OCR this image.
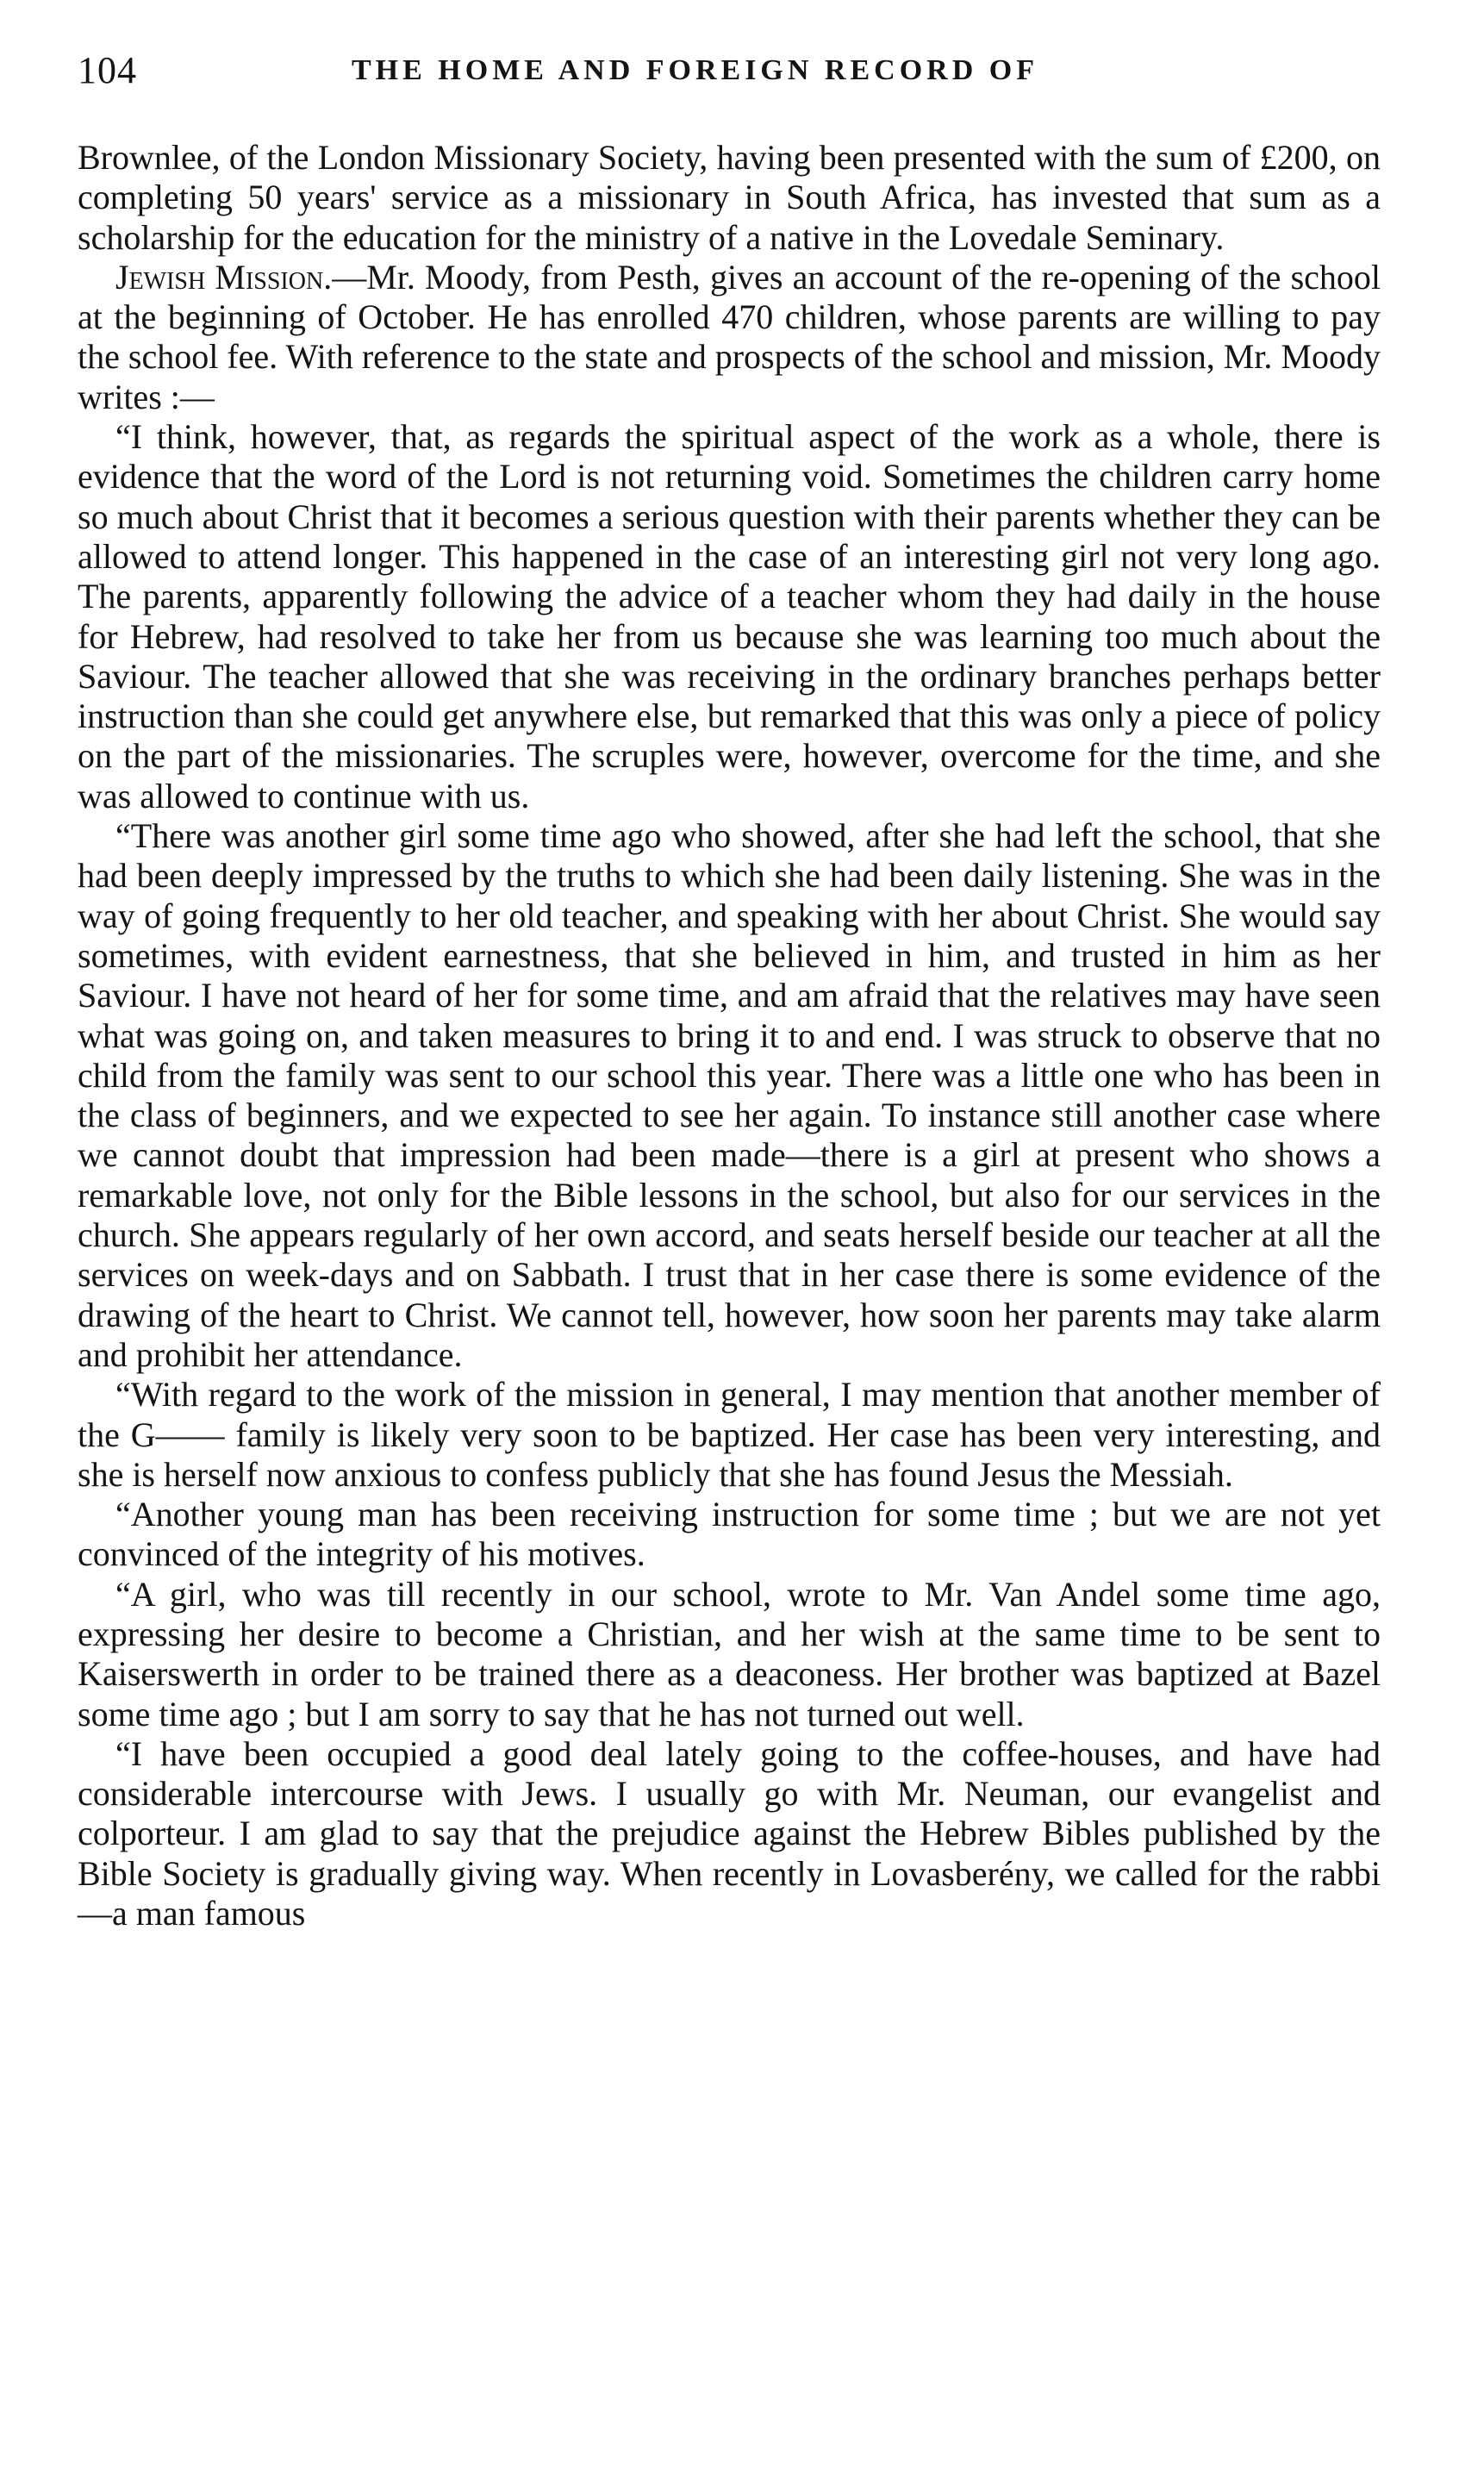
104	THE HOME AND FOREIGN RECORD OF

Brownlee, of the London Missionary Society, having been presented with the sum of £200, on completing 50 years' service as a missionary in South Africa, has invested that sum as a scholarship for the education for the ministry of a native in the Lovedale Seminary.

Jewish Mission.—Mr. Moody, from Pesth, gives an account of the re-opening of the school at the beginning of October. He has enrolled 470 children, whose parents are willing to pay the school fee. With reference to the state and prospects of the school and mission, Mr. Moody writes :—

“I think, however, that, as regards the spiritual aspect of the work as a whole, there is evidence that the word of the Lord is not returning void. Sometimes the children carry home so much about Christ that it becomes a serious question with their parents whether they can be allowed to attend longer. This happened in the case of an interesting girl not very long ago. The parents, apparently following the advice of a teacher whom they had daily in the house for Hebrew, had resolved to take her from us because she was learning too much about the Saviour. The teacher allowed that she was receiving in the ordinary branches perhaps better instruction than she could get anywhere else, but remarked that this was only a piece of policy on the part of the missionaries. The scruples were, however, overcome for the time, and she was allowed to continue with us.

“There was another girl some time ago who showed, after she had left the school, that she had been deeply impressed by the truths to which she had been daily listening. She was in the way of going frequently to her old teacher, and speaking with her about Christ. She would say sometimes, with evident earnestness, that she believed in him, and trusted in him as her Saviour. I have not heard of her for some time, and am afraid that the relatives may have seen what was going on, and taken measures to bring it to and end. I was struck to observe that no child from the family was sent to our school this year. There was a little one who has been in the class of beginners, and we expected to see her again. To instance still another case where we cannot doubt that impression had been made—there is a girl at present who shows a remarkable love, not only for the Bible lessons in the school, but also for our services in the church. She appears regularly of her own accord, and seats herself beside our teacher at all the services on week-days and on Sabbath. I trust that in her case there is some evidence of the drawing of the heart to Christ. We cannot tell, however, how soon her parents may take alarm and prohibit her attendance.

“With regard to the work of the mission in general, I may mention that another member of the G—— family is likely very soon to be baptized. Her case has been very interesting, and she is herself now anxious to confess publicly that she has found Jesus the Messiah.

“Another young man has been receiving instruction for some time ; but we are not yet convinced of the integrity of his motives.

“A girl, who was till recently in our school, wrote to Mr. Van Andel some time ago, expressing her desire to become a Christian, and her wish at the same time to be sent to Kaiserswerth in order to be trained there as a deaconess. Her brother was baptized at Bazel some time ago ; but I am sorry to say that he has not turned out well.

“I have been occupied a good deal lately going to the coffee-houses, and have had considerable intercourse with Jews. I usually go with Mr. Neuman, our evangelist and colporteur. I am glad to say that the prejudice against the Hebrew Bibles published by the Bible Society is gradually giving way. When recently in Lovasberény, we called for the rabbi—a man famous
